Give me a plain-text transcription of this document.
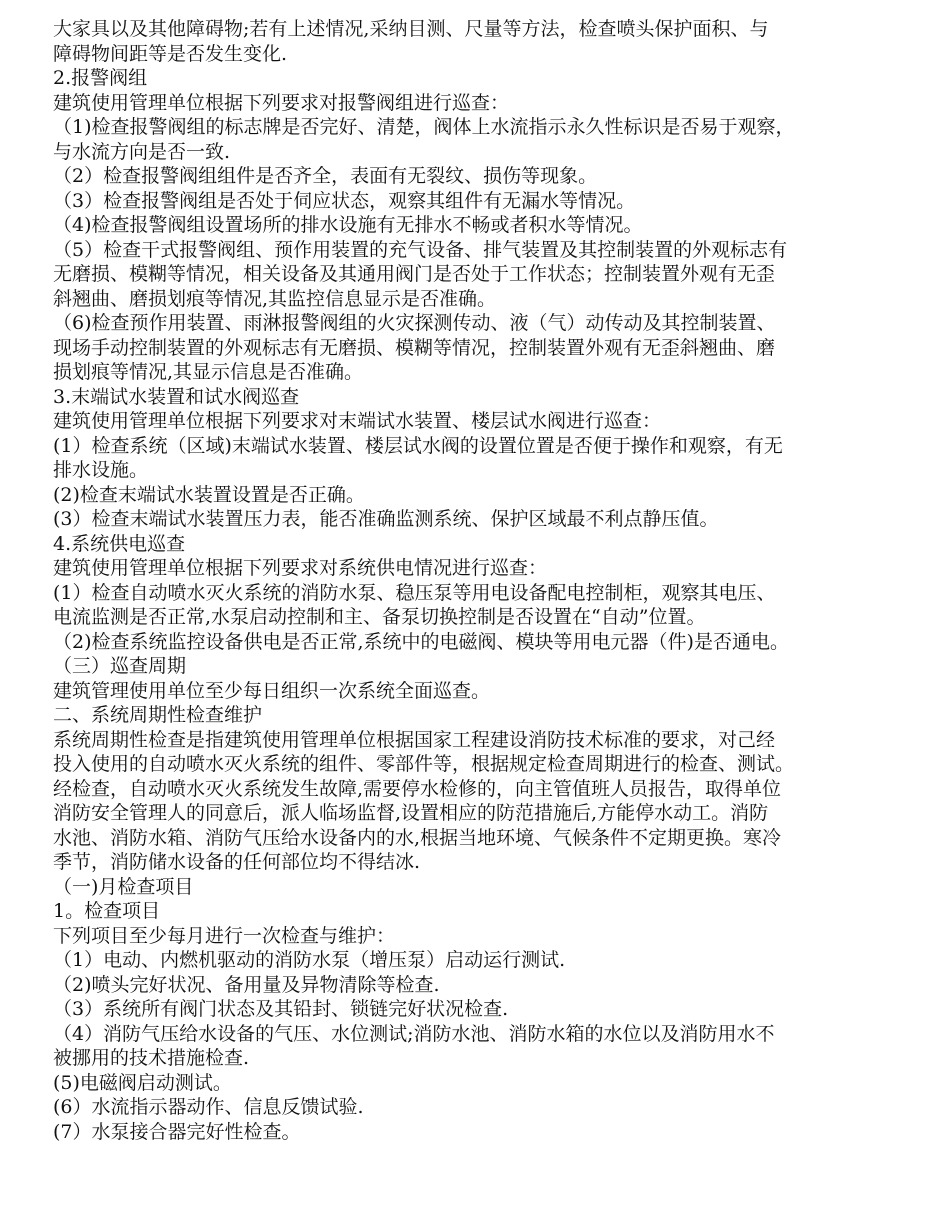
大家具以及其他障碍物;若有上述情况,采纳目测、尺量等方法，检查喷头保护面积、与
障碍物间距等是否发生变化.
2.报警阀组
建筑使用管理单位根据下列要求对报警阀组进行巡查：
（1)检查报警阀组的标志牌是否完好、清楚，阀体上水流指示永久性标识是否易于观察，
与水流方向是否一致.
（2）检查报警阀组组件是否齐全，表面有无裂纹、损伤等现象。
（3）检查报警阀组是否处于伺应状态，观察其组件有无漏水等情况。
（4)检查报警阀组设置场所的排水设施有无排水不畅或者积水等情况。
（5）检查干式报警阀组、预作用装置的充气设备、排气装置及其控制装置的外观标志有
无磨损、模糊等情况，相关设备及其通用阀门是否处于工作状态；控制装置外观有无歪
斜翘曲、磨损划痕等情况,其监控信息显示是否准确。
（6)检查预作用装置、雨淋报警阀组的火灾探测传动、液（气）动传动及其控制装置、
现场手动控制装置的外观标志有无磨损、模糊等情况，控制装置外观有无歪斜翘曲、磨
损划痕等情况,其显示信息是否准确。
3.末端试水装置和试水阀巡查
建筑使用管理单位根据下列要求对末端试水装置、楼层试水阀进行巡查：
(1）检查系统（区域)末端试水装置、楼层试水阀的设置位置是否便于操作和观察，有无
排水设施。
(2)检查末端试水装置设置是否正确。
(3）检查末端试水装置压力表，能否准确监测系统、保护区域最不利点静压值。
4.系统供电巡查
建筑使用管理单位根据下列要求对系统供电情况进行巡查：
(1）检查自动喷水灭火系统的消防水泵、稳压泵等用电设备配电控制柜，观察其电压、
电流监测是否正常,水泵启动控制和主、备泵切换控制是否设置在“自动”位置。
（2)检查系统监控设备供电是否正常,系统中的电磁阀、模块等用电元器（件)是否通电。
（三）巡查周期
建筑管理使用单位至少每日组织一次系统全面巡查。
二、系统周期性检查维护
系统周期性检查是指建筑使用管理单位根据国家工程建设消防技术标准的要求，对己经
投入使用的自动喷水灭火系统的组件、零部件等，根据规定检查周期进行的检查、测试。
经检查，自动喷水灭火系统发生故障,需要停水检修的，向主管值班人员报告，取得单位
消防安全管理人的同意后，派人临场监督,设置相应的防范措施后,方能停水动工。消防
水池、消防水箱、消防气压给水设备内的水,根据当地环境、气候条件不定期更换。寒冷
季节，消防储水设备的任何部位均不得结冰.
（一)月检查项目
1。检查项目
下列项目至少每月进行一次检查与维护：
（1）电动、内燃机驱动的消防水泵（增压泵）启动运行测试.
（2)喷头完好状况、备用量及异物清除等检查.
（3）系统所有阀门状态及其铅封、锁链完好状况检查.
（4）消防气压给水设备的气压、水位测试;消防水池、消防水箱的水位以及消防用水不
被挪用的技术措施检查.
(5)电磁阀启动测试。
(6）水流指示器动作、信息反馈试验.
(7）水泵接合器完好性检查。
